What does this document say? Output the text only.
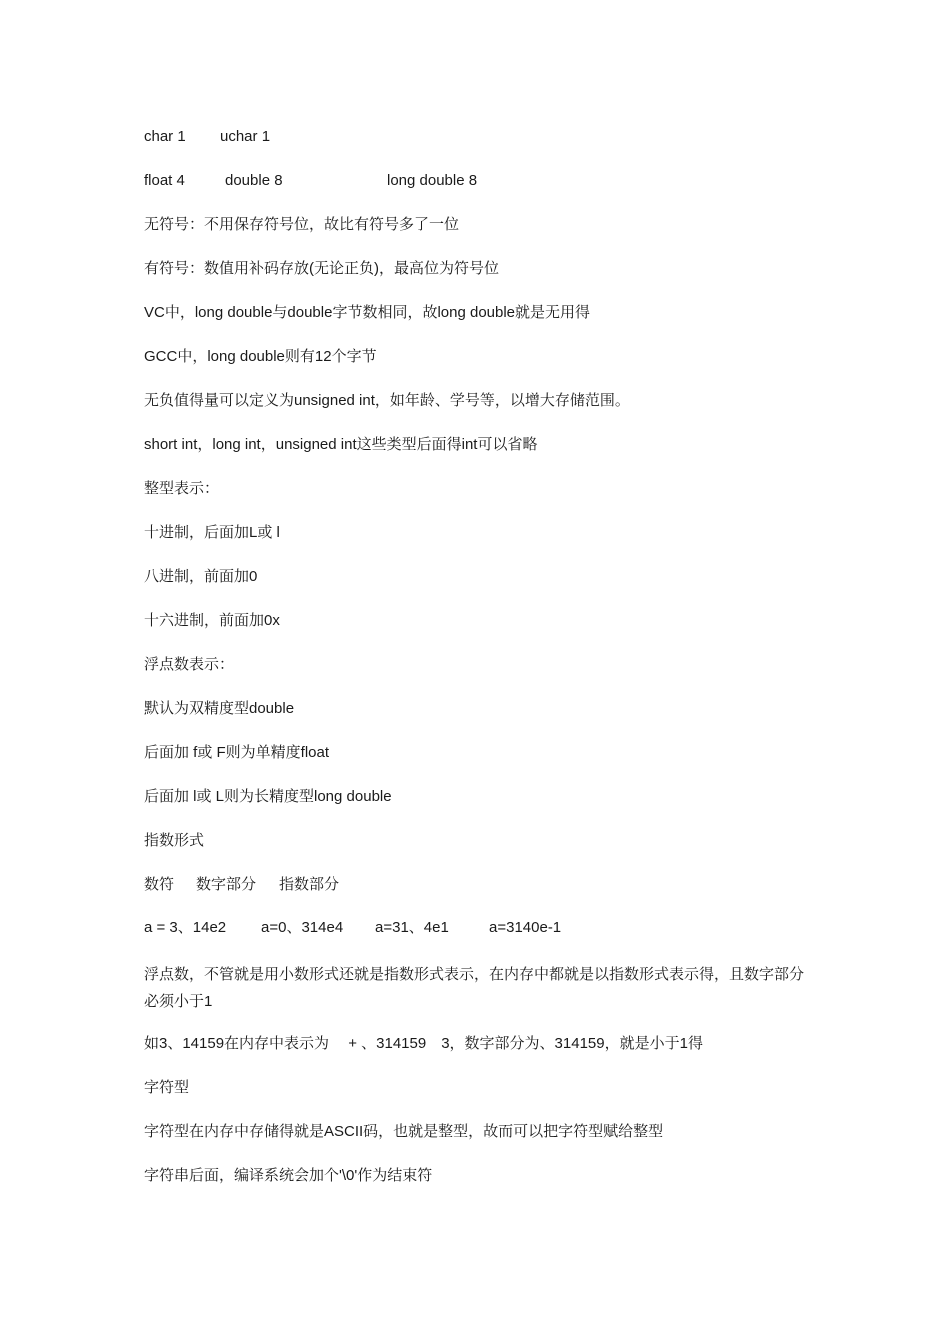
char 1 uchar 1
float 4	double 8	long double 8
无符号：不用保存符号位，故比有符号多了一位
有符号：数值用补码存放(无论正负)，最高位为符号位
VC中，long double与double字节数相同，故long double就是无用得
GCC中，long double则有12个字节
无负值得量可以定义为unsigned int，如年龄、学号等，以增大存储范围。
short int，long int，unsigned int这些类型后面得int可以省略
整型表示：
十进制，后面加L或 l
八进制，前面加0
十六进制，前面加0x
浮点数表示：
默认为双精度型double
后面加 f或 F则为单精度float
后面加 l或 L则为长精度型long double
指数形式
数符 数字部分 指数部分
a = 3、14e2 a=0、314e4 a=31、4e1	a=3140e-1
浮点数，不管就是用小数形式还就是指数形式表示，在内存中都就是以指数形式表示得，且数字部分必须小于1
如3、14159在内存中表示为　 + 、314159　3，数字部分为、314159，就是小于1得
字符型
字符型在内存中存储得就是ASCII码，也就是整型，故而可以把字符型赋给整型
字符串后面，编译系统会加个'\0'作为结束符
